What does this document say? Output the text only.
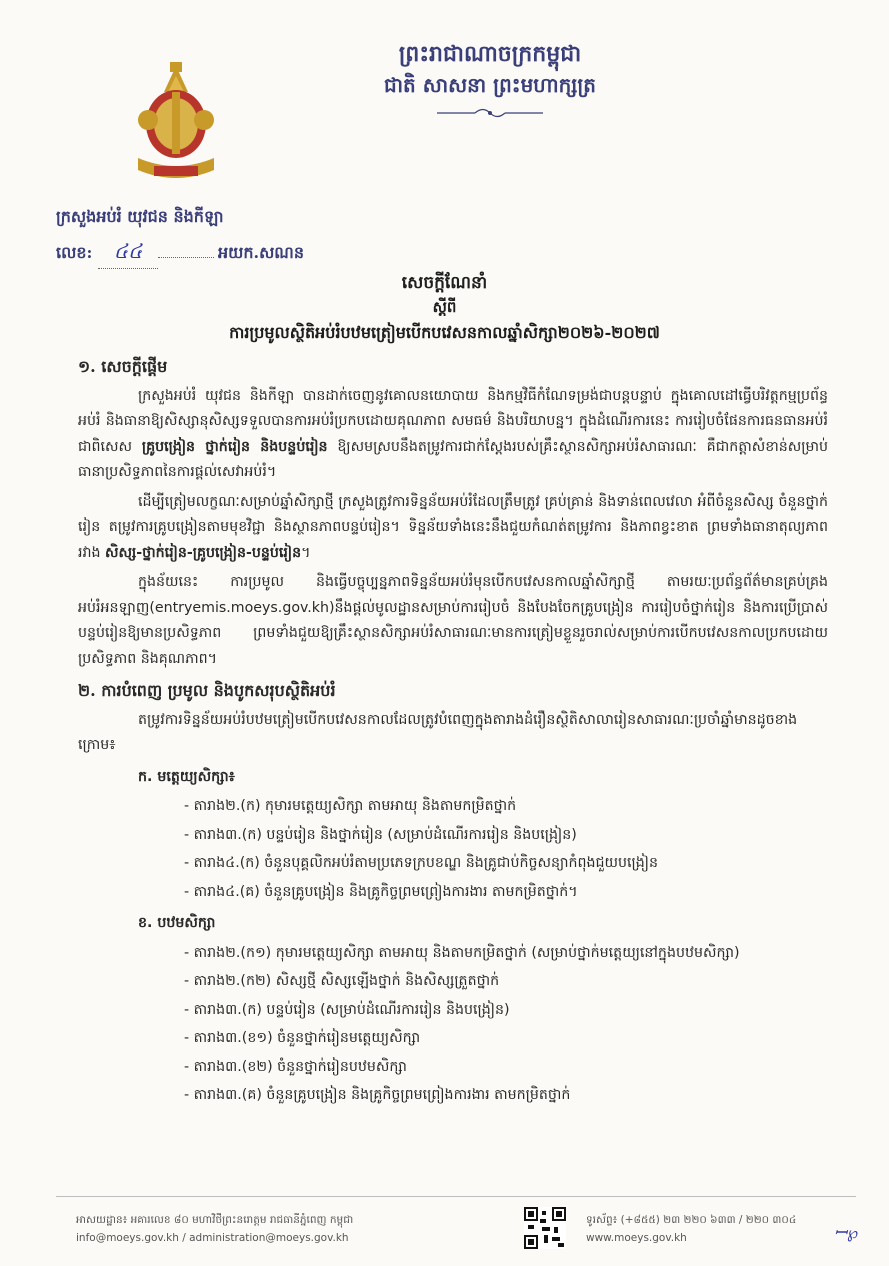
ព្រះរាជាណាចក្រកម្ពុជា
ជាតិ សាសនា ព្រះមហាក្សត្រ
ក្រសួងអប់រំ យុវជន និងកីឡា
លេខ: ៤៤	អយក.សណន
សេចក្តីណែនាំ
ស្តីពី
ការប្រមូលស្ថិតិអប់រំបឋមត្រៀមបើកបវេសនកាលឆ្នាំសិក្សា២០២៦-២០២៧
១. សេចក្តីផ្តើម

ក្រសួងអប់រំ យុវជន និងកីឡា បានដាក់ចេញនូវគោលនយោបាយ និងកម្មវិធីកំណែទម្រង់ជាបន្តបន្ទាប់ ក្នុងគោលដៅធ្វើបរិវត្តកម្មប្រព័ន្ធអប់រំ និងធានាឱ្យសិស្សានុសិស្សទទួលបានការអប់រំប្រកបដោយគុណភាព សមធម៌ និងបរិយាបន្ន។ ក្នុងដំណើរការនេះ ការរៀបចំផែនការធនធានអប់រំ ជាពិសេស គ្រូបង្រៀន ថ្នាក់រៀន និងបន្ទប់រៀន ឱ្យសមស្របនឹងតម្រូវការជាក់ស្តែងរបស់គ្រឹះស្ថានសិក្សាអប់រំសាធារណៈ គឺជាកត្តាសំខាន់សម្រាប់ធានាប្រសិទ្ធភាពនៃការផ្តល់សេវាអប់រំ។

ដើម្បីត្រៀមលក្ខណៈសម្រាប់ឆ្នាំសិក្សាថ្មី ក្រសួងត្រូវការទិន្នន័យអប់រំដែលត្រឹមត្រូវ គ្រប់គ្រាន់ និងទាន់ពេលវេលា អំពីចំនួនសិស្ស ចំនួនថ្នាក់រៀន តម្រូវការគ្រូបង្រៀនតាមមុខវិជ្ជា និងស្ថានភាពបន្ទប់រៀន។ ទិន្នន័យទាំងនេះនឹងជួយកំណត់តម្រូវការ និងភាពខ្វះខាត ព្រមទាំងធានាតុល្យភាពរវាង សិស្ស-ថ្នាក់រៀន-គ្រូបង្រៀន-បន្ទប់រៀន។

ក្នុងន័យនេះ ការប្រមូល និងធ្វើបច្ចុប្បន្នភាពទិន្នន័យអប់រំមុនបើកបវេសនកាលឆ្នាំសិក្សាថ្មី តាមរយៈប្រព័ន្ធព័ត៌មានគ្រប់គ្រងអប់រំអនឡាញ(entryemis.moeys.gov.kh)នឹងផ្តល់មូលដ្ឋានសម្រាប់ការរៀបចំ និងបែងចែកគ្រូបង្រៀន ការរៀបចំថ្នាក់រៀន និងការប្រើប្រាស់បន្ទប់រៀនឱ្យមានប្រសិទ្ធភាព ព្រមទាំងជួយឱ្យគ្រឹះស្ថានសិក្សាអប់រំសាធារណៈមានការត្រៀមខ្លួនរួចរាល់សម្រាប់ការបើកបវេសនកាលប្រកបដោយប្រសិទ្ធភាព និងគុណភាព។

២. ការបំពេញ ប្រមូល និងបូកសរុបស្ថិតិអប់រំ

តម្រូវការទិន្នន័យអប់រំបឋមត្រៀមបើកបវេសនកាលដែលត្រូវបំពេញក្នុងតារាងដំរឿនស្ថិតិសាលារៀនសាធារណៈប្រចាំឆ្នាំមានដូចខាងក្រោម៖

ក. មត្តេយ្យសិក្សា៖
- តារាង២.(ក) កុមារមត្តេយ្យសិក្សា តាមអាយុ និងតាមកម្រិតថ្នាក់
- តារាង៣.(ក) បន្ទប់រៀន និងថ្នាក់រៀន (សម្រាប់ដំណើរការរៀន និងបង្រៀន)
- តារាង៤.(ក) ចំនួនបុគ្គលិកអប់រំតាមប្រភេទក្របខណ្ឌ និងគ្រូជាប់កិច្ចសន្យាកំពុងជួយបង្រៀន
- តារាង៤.(គ) ចំនួនគ្រូបង្រៀន និងគ្រូកិច្ចព្រមព្រៀងការងារ តាមកម្រិតថ្នាក់។
ខ. បឋមសិក្សា
- តារាង២.(ក១) កុមារមត្តេយ្យសិក្សា តាមអាយុ និងតាមកម្រិតថ្នាក់ (សម្រាប់ថ្នាក់មត្តេយ្យនៅក្នុងបឋមសិក្សា)
- តារាង២.(ក២) សិស្សថ្មី សិស្សឡើងថ្នាក់ និងសិស្សត្រួតថ្នាក់
- តារាង៣.(ក) បន្ទប់រៀន (សម្រាប់ដំណើរការរៀន និងបង្រៀន)
- តារាង៣.(ខ១) ចំនួនថ្នាក់រៀនមត្តេយ្យសិក្សា
- តារាង៣.(ខ២) ចំនួនថ្នាក់រៀនបឋមសិក្សា
- តារាង៣.(គ) ចំនួនគ្រូបង្រៀន និងគ្រូកិច្ចព្រមព្រៀងការងារ តាមកម្រិតថ្នាក់
អាសយដ្ឋាន៖ អគារលេខ ៨០ មហាវិថីព្រះនរោត្តម រាជធានីភ្នំពេញ កម្ពុជា
info@moeys.gov.kh / administration@moeys.gov.kh
ទូរស័ព្ទ៖ (+៨៥៥) ២៣ ២២០ ៦៣៣ / ២២០ ៣០៤
www.moeys.gov.kh	ꟷ℘
